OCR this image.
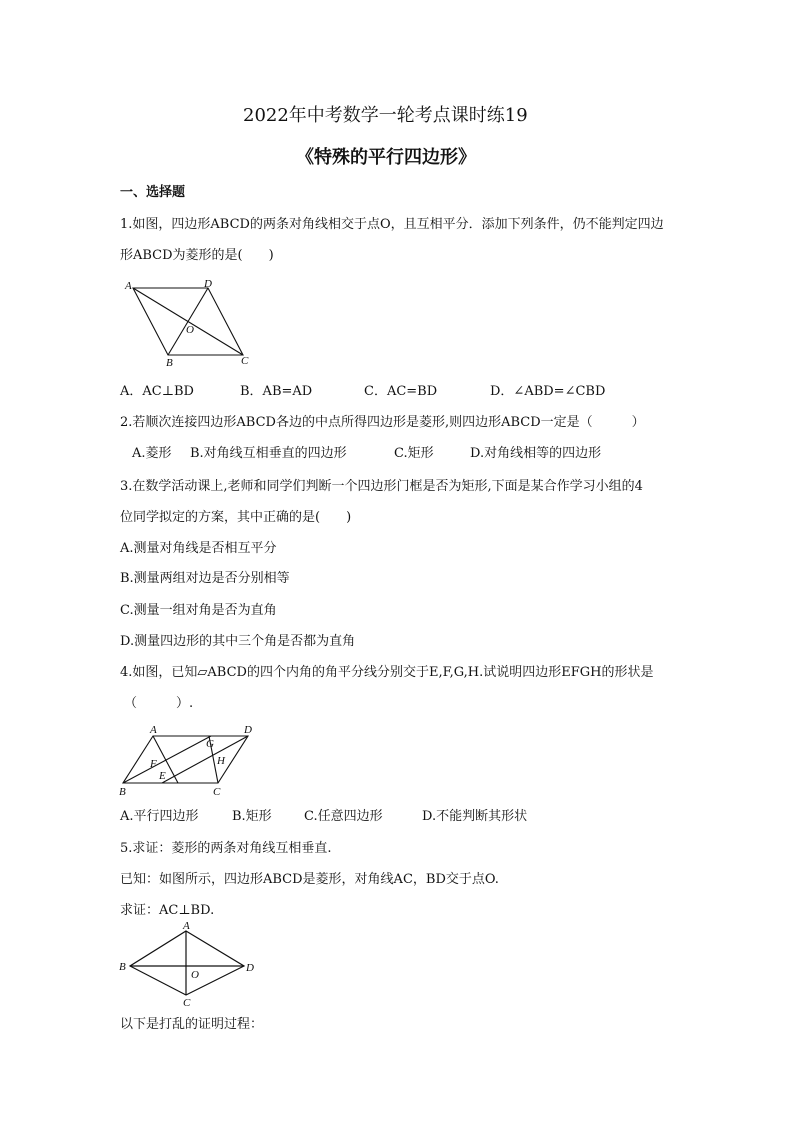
2022年中考数学一轮考点课时练19
《特殊的平行四边形》
一、选择题
1.如图，四边形ABCD的两条对角线相交于点O，且互相平分．添加下列条件，仍不能判定四边
形ABCD为菱形的是(　　)
A	D
O
B	C
A．AC⊥BD	B．AB=AD	C．AC=BD	D．∠ABD=∠CBD
2.若顺次连接四边形ABCD各边的中点所得四边形是菱形,则四边形ABCD一定是（　　　）
A.菱形 B.对角线互相垂直的四边形	C.矩形	D.对角线相等的四边形
3.在数学活动课上,老师和同学们判断一个四边形门框是否为矩形,下面是某合作学习小组的4
位同学拟定的方案，其中正确的是(　　)
A.测量对角线是否相互平分
B.测量两组对边是否分别相等
C.测量一组对角是否为直角
D.测量四边形的其中三个角是否都为直角
4.如图，已知▱ABCD的四个内角的角平分线分别交于E,F,G,H.试说明四边形EFGH的形状是
（　　　）.
A	D
G
F	H
E
B	C
A.平行四边形	B.矩形 C.任意四边形	D.不能判断其形状
5.求证：菱形的两条对角线互相垂直.
已知：如图所示，四边形ABCD是菱形，对角线AC，BD交于点O.
求证：AC⊥BD.
A
B
O
D
C
以下是打乱的证明过程：
